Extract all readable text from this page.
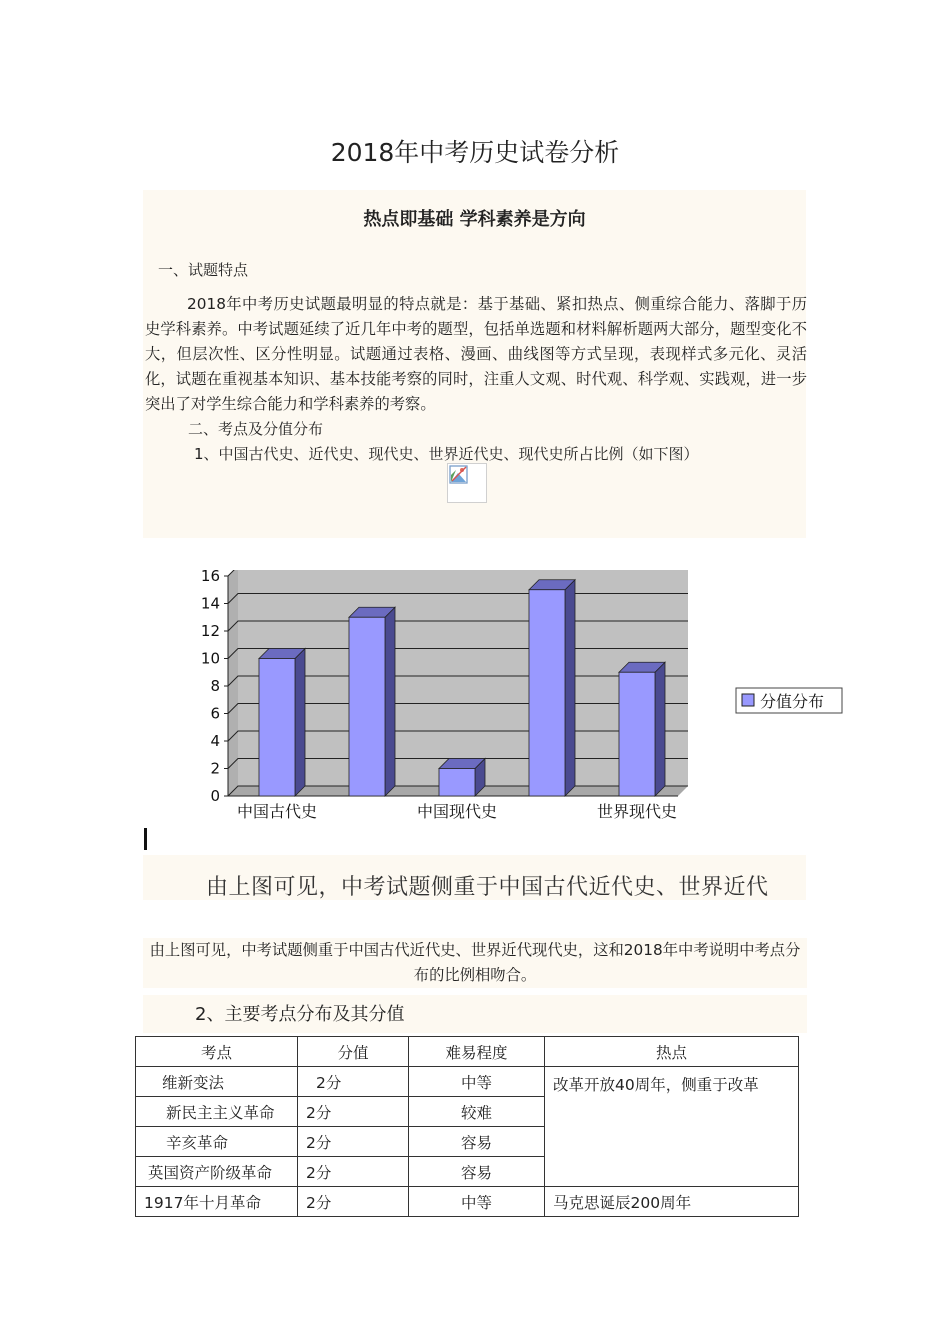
2018年中考历史试卷分析
热点即基础 学科素养是方向
一、试题特点
2018年中考历史试题最明显的特点就是：基于基础、紧扣热点、侧重综合能力、落脚于历史学科素养。中考试题延续了近几年中考的题型，包括单选题和材料解析题两大部分，题型变化不大，但层次性、区分性明显。试题通过表格、漫画、曲线图等方式呈现，表现样式多元化、灵活化，试题在重视基本知识、基本技能考察的同时，注重人文观、时代观、科学观、实践观，进一步突出了对学生综合能力和学科素养的考察。
二、考点及分值分布
1、中国古代史、近代史、现代史、世界近代史、现代史所占比例（如下图）
0
2
4
6
8
10
12
14
16
中国古代史	中国现代史	世界现代史
分值分布
由上图可见，中考试题侧重于中国古代近代史、世界近代
由上图可见，中考试题侧重于中国古代近代史、世界近代现代史，这和2018年中考说明中考点分布的比例相吻合。
2、主要考点分布及其分值
考点	分值	难易程度	热点
维新变法	2分	中等	改革开放40周年，侧重于改革
新民主主义革命	2分	较难	
辛亥革命	2分	容易	
英国资产阶级革命	2分	容易	
1917年十月革命	2分	中等	马克思诞辰200周年
